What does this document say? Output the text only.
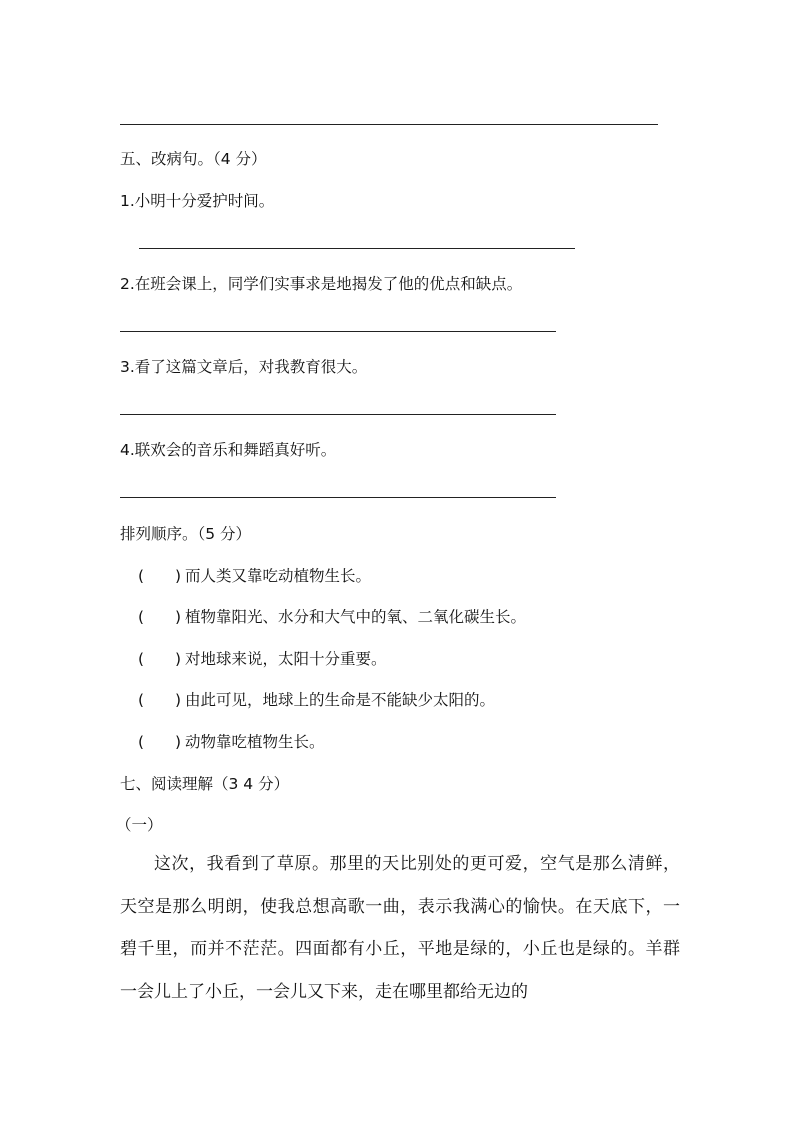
五、改病句。（4 分）
1.小明十分爱护时间。
2.在班会课上，同学们实事求是地揭发了他的优点和缺点。
3.看了这篇文章后，对我教育很大。
4.联欢会的音乐和舞蹈真好听。
排列顺序。（5 分）
(　　) 而人类又靠吃动植物生长。
(　　) 植物靠阳光、水分和大气中的氧、二氧化碳生长。
(　　) 对地球来说，太阳十分重要。
(　　) 由此可见，地球上的生命是不能缺少太阳的。
(　　) 动物靠吃植物生长。
七、阅读理解（3 4 分）
（一）
这次，我看到了草原。那里的天比别处的更可爱，空气是那么清鲜，天空是那么明朗，使我总想高歌一曲，表示我满心的愉快。在天底下，一碧千里，而并不茫茫。四面都有小丘，平地是绿的，小丘也是绿的。羊群一会儿上了小丘，一会儿又下来，走在哪里都给无边的
